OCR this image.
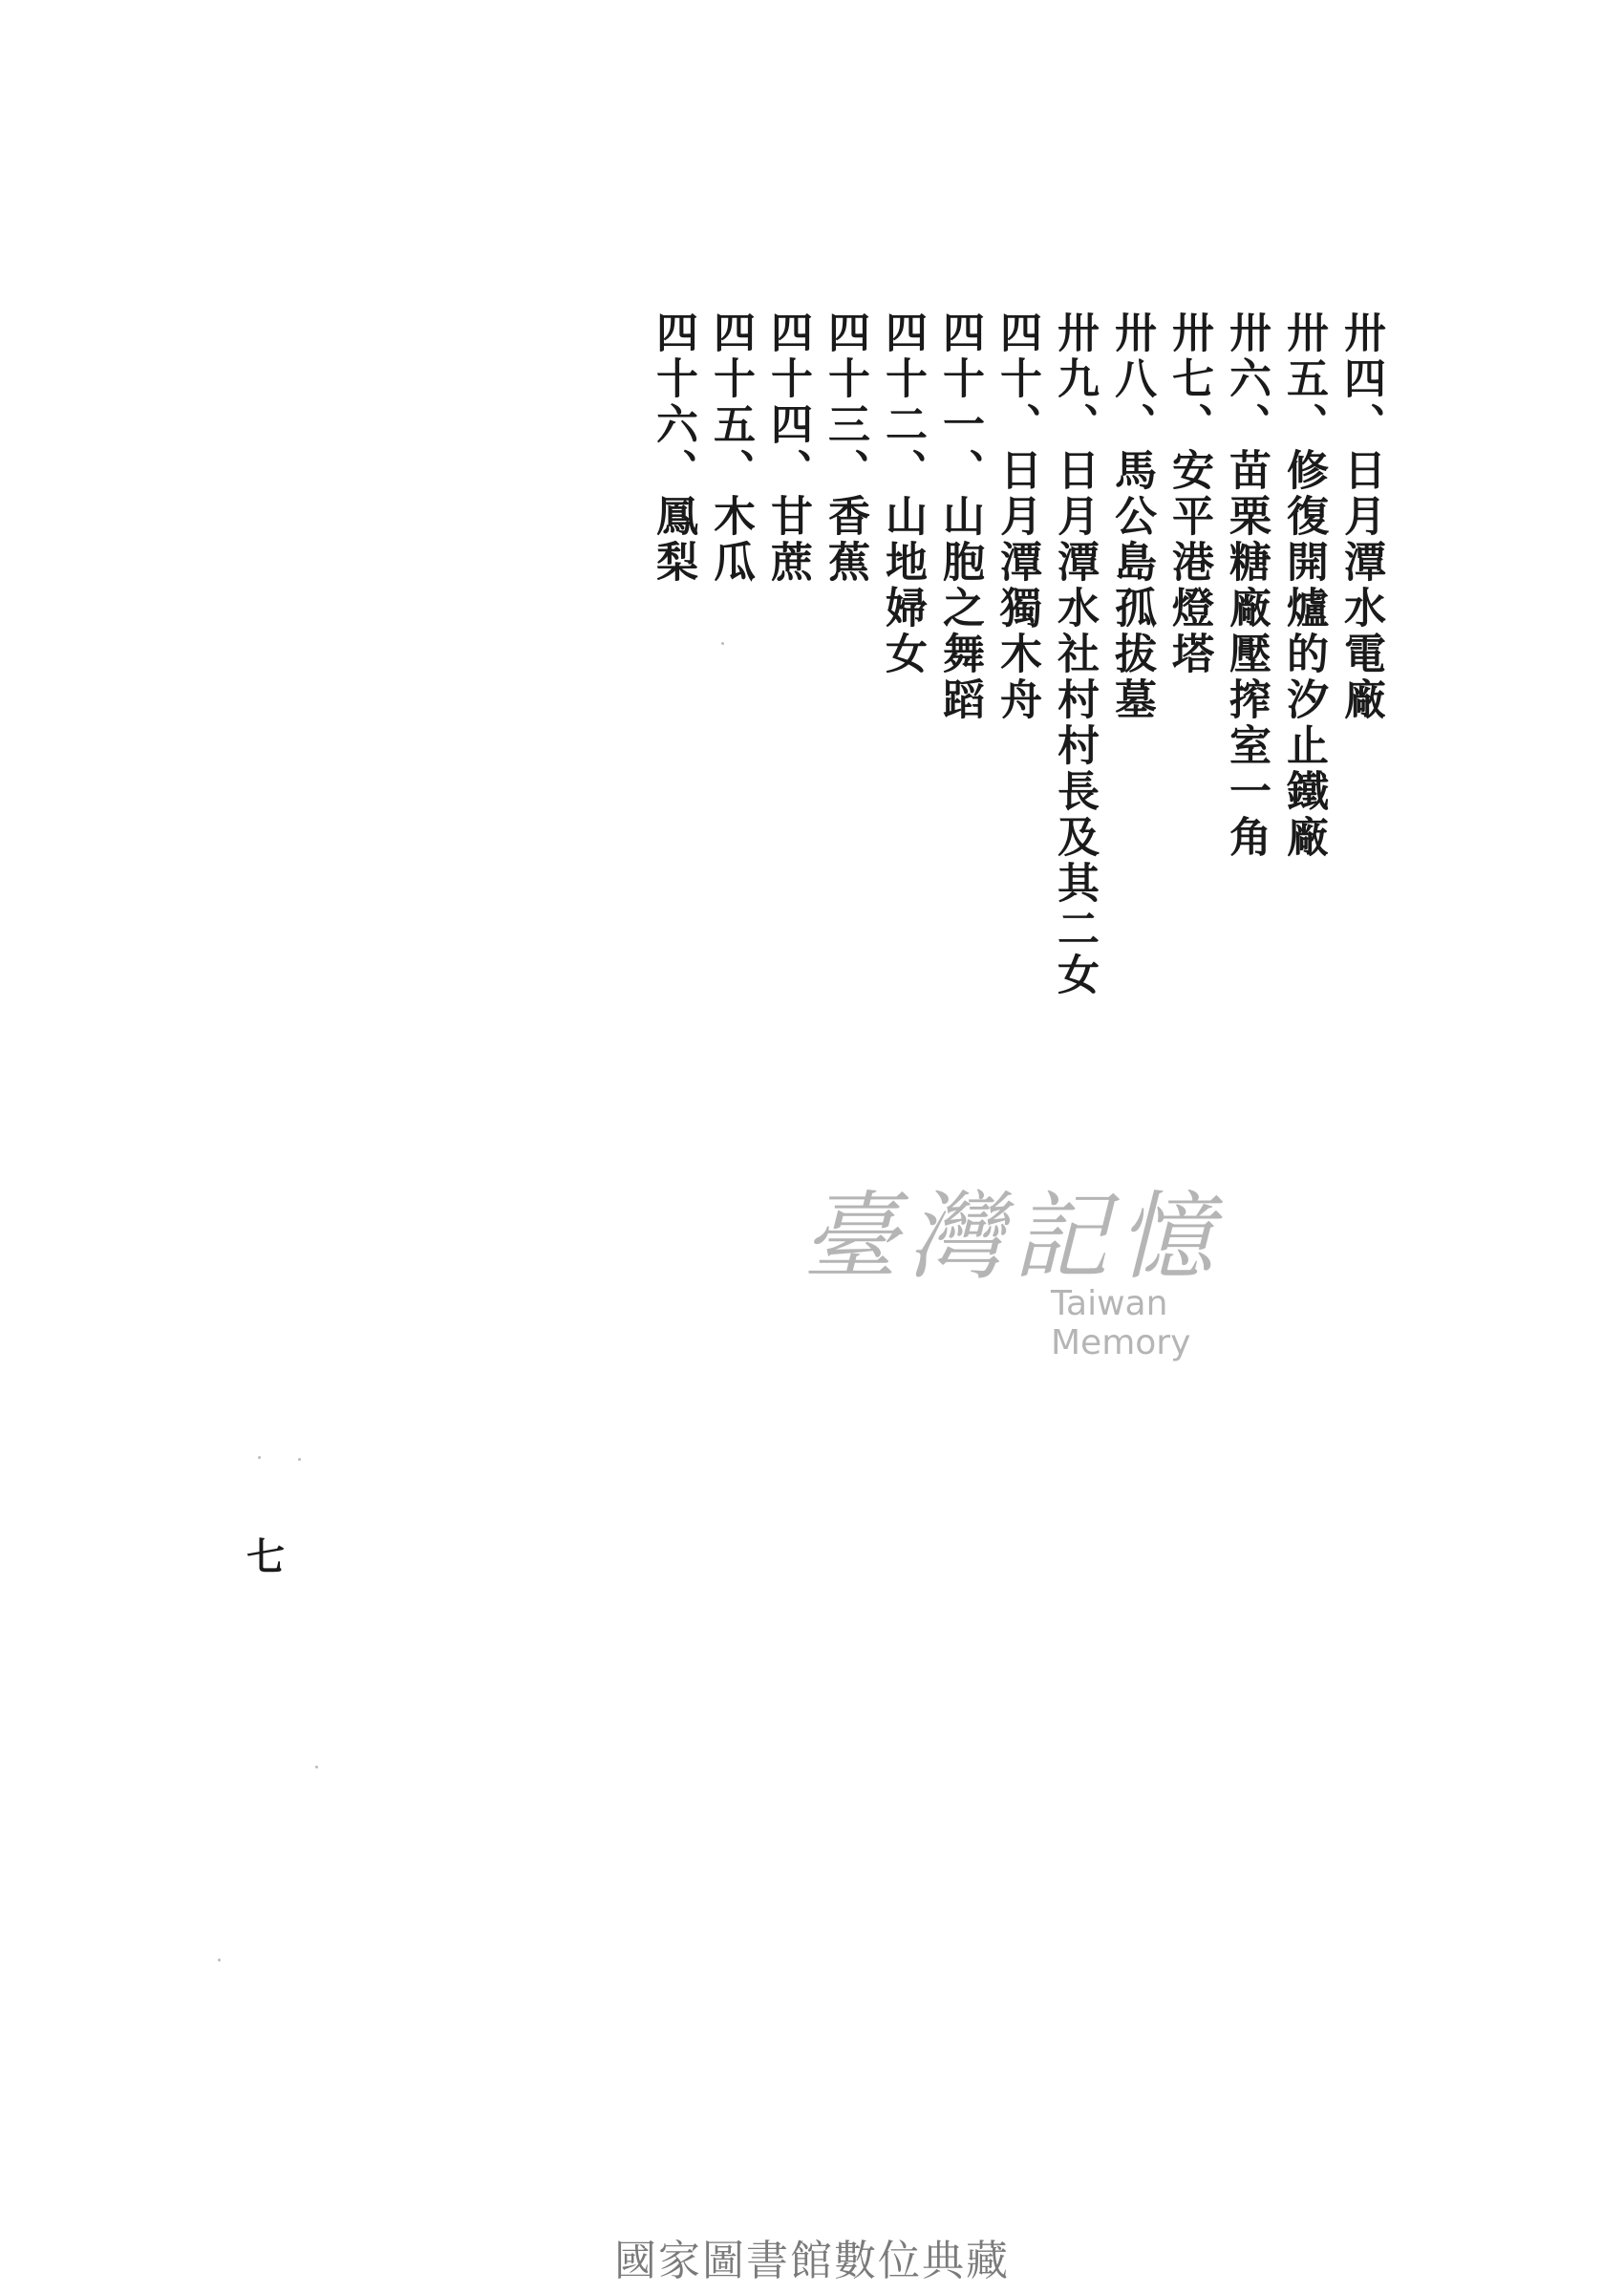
卅四、日月潭水電廠
卅五、修復開爐的汐止鐵廠
卅六、苗栗糖廠壓搾室一角
卅七、安平港燈塔
卅八、馬公島孤拔墓
卅九、日月潭水社村村長及其二女
四十、日月潭獨木舟
四十一、山胞之舞蹈
四十二、山地婦女
四十三、香蕉
四十四、甘蔗
四十五、木瓜
四十六、鳳梨
臺灣記憶
Taiwan Memory
七
國家圖書館數位典藏
